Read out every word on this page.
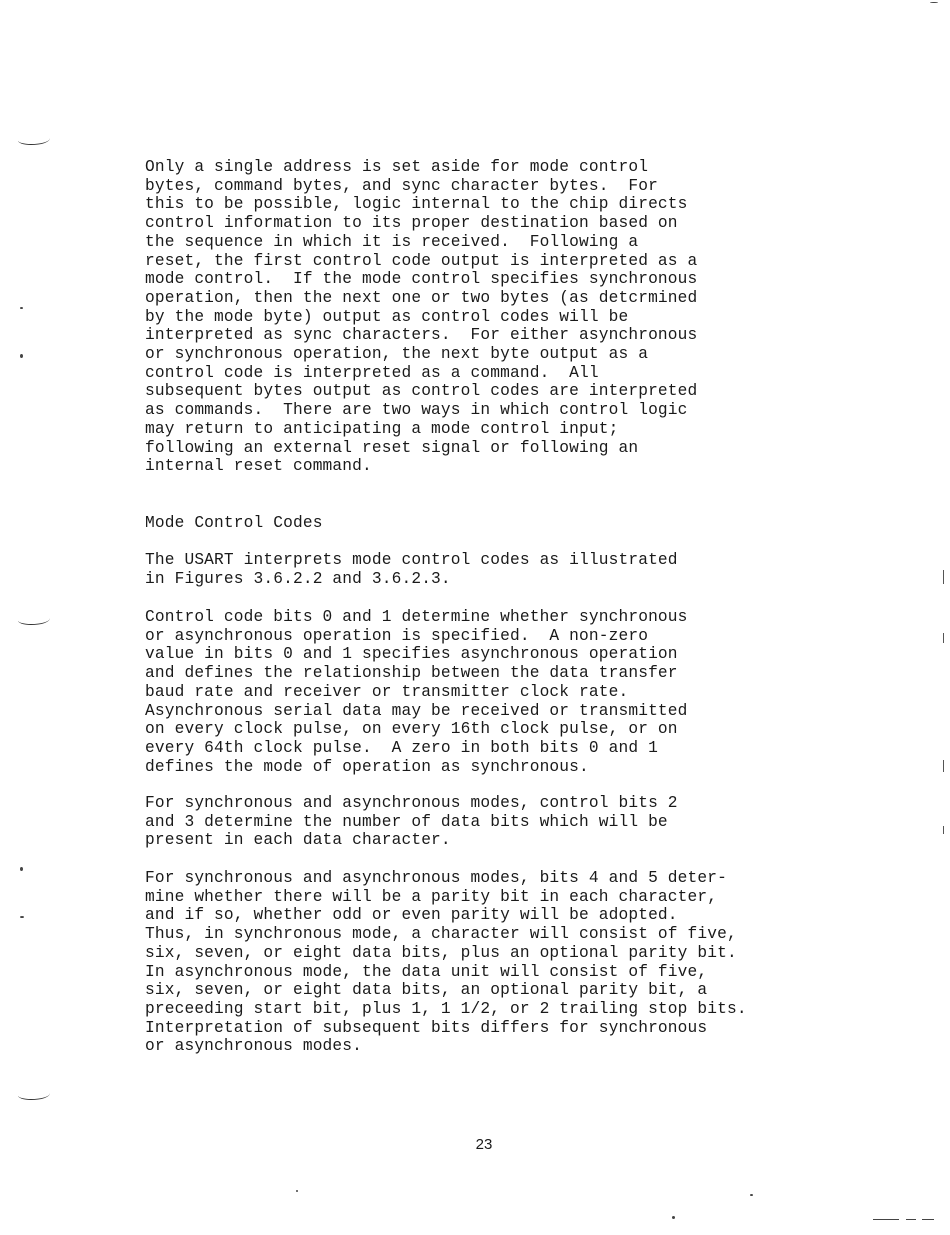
Only a single address is set aside for mode control
bytes, command bytes, and sync character bytes.  For
this to be possible, logic internal to the chip directs
control information to its proper destination based on
the sequence in which it is received.  Following a
reset, the first control code output is interpreted as a
mode control.  If the mode control specifies synchronous
operation, then the next one or two bytes (as detcrmined
by the mode byte) output as control codes will be
interpreted as sync characters.  For either asynchronous
or synchronous operation, the next byte output as a
control code is interpreted as a command.  All
subsequent bytes output as control codes are interpreted
as commands.  There are two ways in which control logic
may return to anticipating a mode control input;
following an external reset signal or following an
internal reset command.

Mode Control Codes

The USART interprets mode control codes as illustrated
in Figures 3.6.2.2 and 3.6.2.3.

Control code bits 0 and 1 determine whether synchronous
or asynchronous operation is specified.  A non-zero
value in bits 0 and 1 specifies asynchronous operation
and defines the relationship between the data transfer
baud rate and receiver or transmitter clock rate.
Asynchronous serial data may be received or transmitted
on every clock pulse, on every 16th clock pulse, or on
every 64th clock pulse.  A zero in both bits 0 and 1
defines the mode of operation as synchronous.

For synchronous and asynchronous modes, control bits 2
and 3 determine the number of data bits which will be
present in each data character.

For synchronous and asynchronous modes, bits 4 and 5 deter-
mine whether there will be a parity bit in each character,
and if so, whether odd or even parity will be adopted.
Thus, in synchronous mode, a character will consist of five,
six, seven, or eight data bits, plus an optional parity bit.
In asynchronous mode, the data unit will consist of five,
six, seven, or eight data bits, an optional parity bit, a
preceeding start bit, plus 1, 1 1/2, or 2 trailing stop bits.
Interpretation of subsequent bits differs for synchronous
or asynchronous modes.

23
